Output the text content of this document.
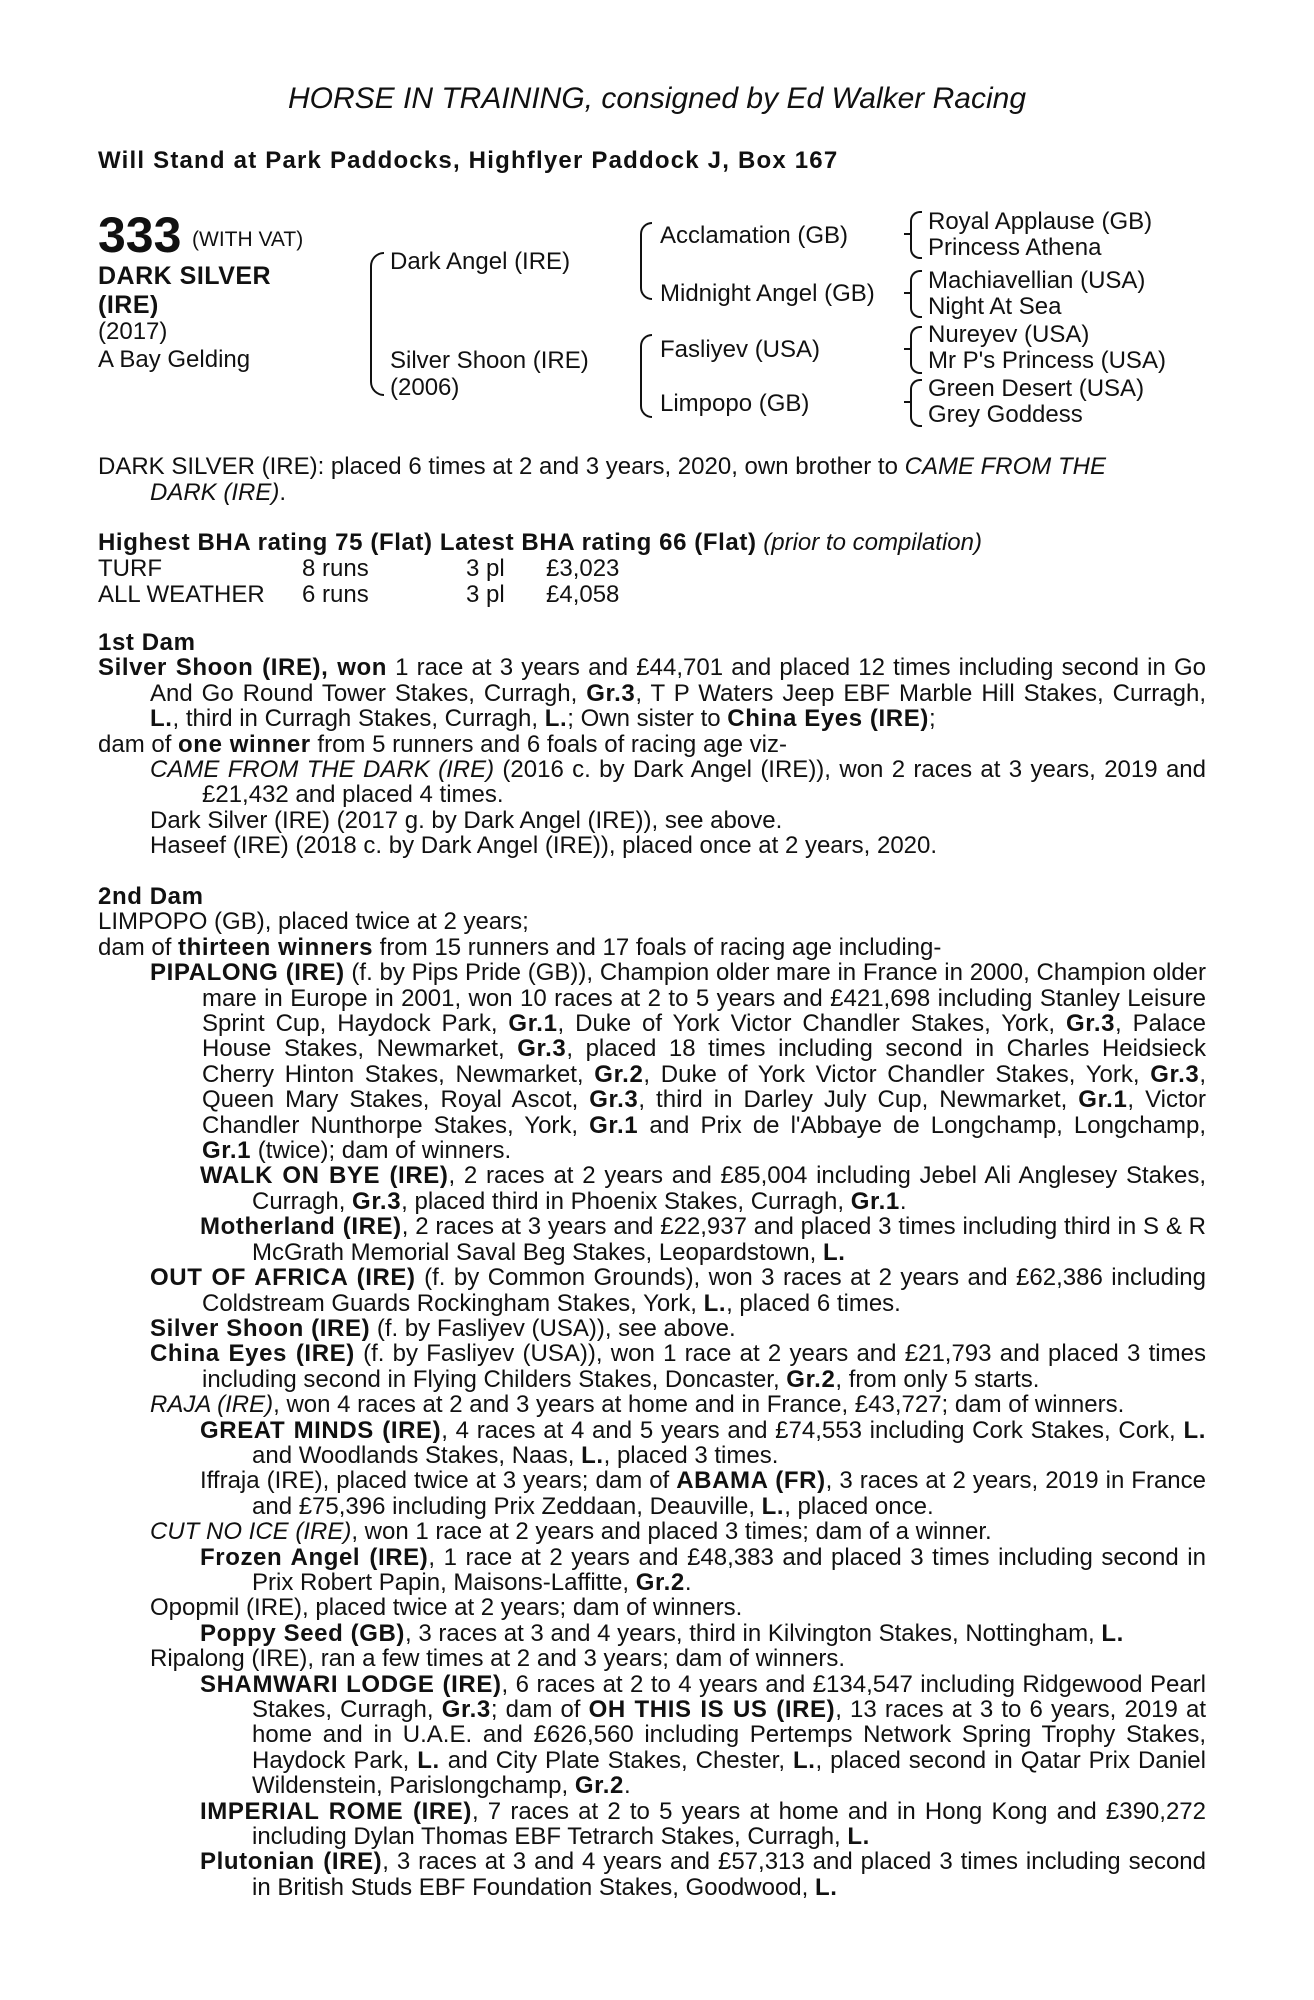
HORSE IN TRAINING, consigned by Ed Walker Racing
Will Stand at Park Paddocks, Highflyer Paddock J, Box 167
333 (WITH VAT)
DARK SILVER
(IRE)
(2017)
A Bay Gelding
Dark Angel (IRE)
Silver Shoon (IRE)
(2006)
Acclamation (GB)
Midnight Angel (GB)
Fasliyev (USA)
Limpopo (GB)
Royal Applause (GB)
Princess Athena
Machiavellian (USA)
Night At Sea
Nureyev (USA)
Mr P's Princess (USA)
Green Desert (USA)
Grey Goddess
DARK SILVER (IRE): placed 6 times at 2 and 3 years, 2020, own brother to CAME FROM THE
DARK (IRE).
Highest BHA rating 75 (Flat) Latest BHA rating 66 (Flat) (prior to compilation)
TURF	8 runs	3 pl £3,023
ALL WEATHER 6 runs	3 pl £4,058
1st Dam

Silver Shoon (IRE), won 1 race at 3 years and £44,701 and placed 12 times including second in Go And Go Round Tower Stakes, Curragh, Gr.3, T P Waters Jeep EBF Marble Hill Stakes, Curragh, L., third in Curragh Stakes, Curragh, L.; Own sister to China Eyes (IRE);

dam of one winner from 5 runners and 6 foals of racing age viz-

CAME FROM THE DARK (IRE) (2016 c. by Dark Angel (IRE)), won 2 races at 3 years, 2019 and £21,432 and placed 4 times.

Dark Silver (IRE) (2017 g. by Dark Angel (IRE)), see above.

Haseef (IRE) (2018 c. by Dark Angel (IRE)), placed once at 2 years, 2020.

2nd Dam

LIMPOPO (GB), placed twice at 2 years;

dam of thirteen winners from 15 runners and 17 foals of racing age including-

PIPALONG (IRE) (f. by Pips Pride (GB)), Champion older mare in France in 2000, Champion older mare in Europe in 2001, won 10 races at 2 to 5 years and £421,698 including Stanley Leisure Sprint Cup, Haydock Park, Gr.1, Duke of York Victor Chandler Stakes, York, Gr.3, Palace House Stakes, Newmarket, Gr.3, placed 18 times including second in Charles Heidsieck Cherry Hinton Stakes, Newmarket, Gr.2, Duke of York Victor Chandler Stakes, York, Gr.3, Queen Mary Stakes, Royal Ascot, Gr.3, third in Darley July Cup, Newmarket, Gr.1, Victor Chandler Nunthorpe Stakes, York, Gr.1 and Prix de l'Abbaye de Longchamp, Longchamp, Gr.1 (twice); dam of winners.

WALK ON BYE (IRE), 2 races at 2 years and £85,004 including Jebel Ali Anglesey Stakes, Curragh, Gr.3, placed third in Phoenix Stakes, Curragh, Gr.1.

Motherland (IRE), 2 races at 3 years and £22,937 and placed 3 times including third in S & R McGrath Memorial Saval Beg Stakes, Leopardstown, L.

OUT OF AFRICA (IRE) (f. by Common Grounds), won 3 races at 2 years and £62,386 including Coldstream Guards Rockingham Stakes, York, L., placed 6 times.

Silver Shoon (IRE) (f. by Fasliyev (USA)), see above.

China Eyes (IRE) (f. by Fasliyev (USA)), won 1 race at 2 years and £21,793 and placed 3 times including second in Flying Childers Stakes, Doncaster, Gr.2, from only 5 starts.

RAJA (IRE), won 4 races at 2 and 3 years at home and in France, £43,727; dam of winners.

GREAT MINDS (IRE), 4 races at 4 and 5 years and £74,553 including Cork Stakes, Cork, L. and Woodlands Stakes, Naas, L., placed 3 times.

Iffraja (IRE), placed twice at 3 years; dam of ABAMA (FR), 3 races at 2 years, 2019 in France and £75,396 including Prix Zeddaan, Deauville, L., placed once.

CUT NO ICE (IRE), won 1 race at 2 years and placed 3 times; dam of a winner.

Frozen Angel (IRE), 1 race at 2 years and £48,383 and placed 3 times including second in Prix Robert Papin, Maisons-Laffitte, Gr.2.

Opopmil (IRE), placed twice at 2 years; dam of winners.

Poppy Seed (GB), 3 races at 3 and 4 years, third in Kilvington Stakes, Nottingham, L.

Ripalong (IRE), ran a few times at 2 and 3 years; dam of winners.

SHAMWARI LODGE (IRE), 6 races at 2 to 4 years and £134,547 including Ridgewood Pearl Stakes, Curragh, Gr.3; dam of OH THIS IS US (IRE), 13 races at 3 to 6 years, 2019 at home and in U.A.E. and £626,560 including Pertemps Network Spring Trophy Stakes, Haydock Park, L. and City Plate Stakes, Chester, L., placed second in Qatar Prix Daniel Wildenstein, Parislongchamp, Gr.2.

IMPERIAL ROME (IRE), 7 races at 2 to 5 years at home and in Hong Kong and £390,272 including Dylan Thomas EBF Tetrarch Stakes, Curragh, L.

Plutonian (IRE), 3 races at 3 and 4 years and £57,313 and placed 3 times including second in British Studs EBF Foundation Stakes, Goodwood, L.
